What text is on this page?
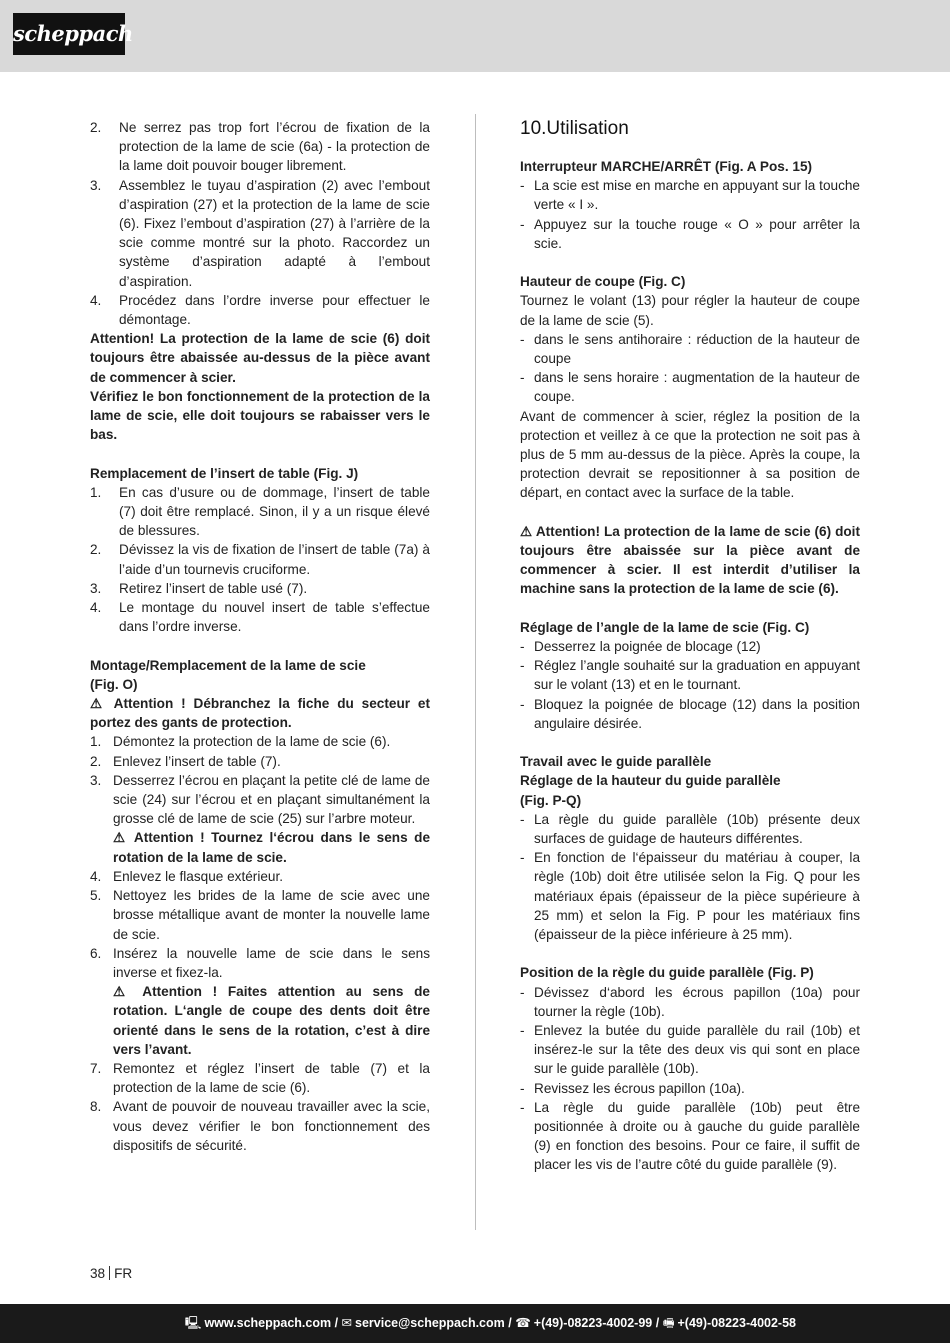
scheppach
2.	Ne serrez pas trop fort l’écrou de fixation de la protection de la lame de scie (6a) - la protection de la lame doit pouvoir bouger librement.
3.	Assemblez le tuyau d’aspiration (2) avec l’embout d’aspiration (27) et la protection de la lame de scie (6). Fixez l’embout d’aspiration (27) à l’arrière de la scie comme montré sur la photo. Raccordez un système d’aspiration adapté à l’embout d’aspiration.
4.	Procédez dans l’ordre inverse pour effectuer le démontage.

Attention! La protection de la lame de scie (6) doit toujours être abaissée au-dessus de la pièce avant de commencer à scier.

Vérifiez le bon fonctionnement de la protection de la lame de scie, elle doit toujours se rabaisser vers le bas.

Remplacement de l’insert de table (Fig. J)

1.	En cas d’usure ou de dommage, l’insert de table (7) doit être remplacé. Sinon, il y a un risque élevé de blessures.
2.	Dévissez la vis de fixation de l’insert de table (7a) à l’aide d’un tournevis cruciforme.
3.	Retirez l’insert de table usé (7).
4.	Le montage du nouvel insert de table s’effectue dans l’ordre inverse.

Montage/Remplacement de la lame de scie

(Fig. O)

⚠ Attention ! Débranchez la fiche du secteur et portez des gants de protection.

1. Démontez la protection de la lame de scie (6).
2. Enlevez l’insert de table (7).
3. Desserrez l’écrou en plaçant la petite clé de lame de scie (24) sur l’écrou et en plaçant simultanément la grosse clé de lame de scie (25) sur l’arbre moteur.
⚠ Attention ! Tournez l‘écrou dans le sens de rotation de la lame de scie.
4. Enlevez le flasque extérieur.
5. Nettoyez les brides de la lame de scie avec une brosse métallique avant de monter la nouvelle lame de scie.
6. Insérez la nouvelle lame de scie dans le sens inverse et fixez-la.
⚠ Attention ! Faites attention au sens de rotation. L‘angle de coupe des dents doit être orienté dans le sens de la rotation, c’est à dire vers l’avant.
7. Remontez et réglez l’insert de table (7) et la protection de la lame de scie (6).
8. Avant de pouvoir de nouveau travailler avec la scie, vous devez vérifier le bon fonctionnement des dispositifs de sécurité.
10.Utilisation

Interrupteur MARCHE/ARRÊT (Fig. A Pos. 15)

- La scie est mise en marche en appuyant sur la touche verte « I ».
- Appuyez sur la touche rouge « O » pour arrêter la scie.

Hauteur de coupe (Fig. C)

Tournez le volant (13) pour régler la hauteur de coupe de la lame de scie (5).

- dans le sens antihoraire : réduction de la hauteur de coupe
- dans le sens horaire : augmentation de la hauteur de coupe.

Avant de commencer à scier, réglez la position de la protection et veillez à ce que la protection ne soit pas à plus de 5 mm au-dessus de la pièce. Après la coupe, la protection devrait se repositionner à sa position de départ, en contact avec la surface de la table.

⚠ Attention! La protection de la lame de scie (6) doit toujours être abaissée sur la pièce avant de commencer à scier. Il est interdit d’utiliser la machine sans la protection de la lame de scie (6).

Réglage de l’angle de la lame de scie (Fig. C)

- Desserrez la poignée de blocage (12)
- Réglez l’angle souhaité sur la graduation en appuyant sur le volant (13) et en le tournant.
- Bloquez la poignée de blocage (12) dans la position angulaire désirée.

Travail avec le guide parallèle

Réglage de la hauteur du guide parallèle

(Fig. P-Q)

- La règle du guide parallèle (10b) présente deux surfaces de guidage de hauteurs différentes.
- En fonction de l‘épaisseur du matériau à couper, la règle (10b) doit être utilisée selon la Fig. Q pour les matériaux épais (épaisseur de la pièce supérieure à 25 mm) et selon la Fig. P pour les matériaux fins (épaisseur de la pièce inférieure à 25 mm).

Position de la règle du guide parallèle (Fig. P)

- Dévissez d‘abord les écrous papillon (10a) pour tourner la règle (10b).
- Enlevez la butée du guide parallèle du rail (10b) et insérez-le sur la tête des deux vis qui sont en place sur le guide parallèle (10b).
- Revissez les écrous papillon (10a).
- La règle du guide parallèle (10b) peut être positionnée à droite ou à gauche du guide parallèle (9) en fonction des besoins. Pour ce faire, il suffit de placer les vis de l’autre côté du guide parallèle (9).
38 FR
🖳 www.scheppach.com / ✉ service@scheppach.com / ☎ +(49)-08223-4002-99 / 🖷 +(49)-08223-4002-58
